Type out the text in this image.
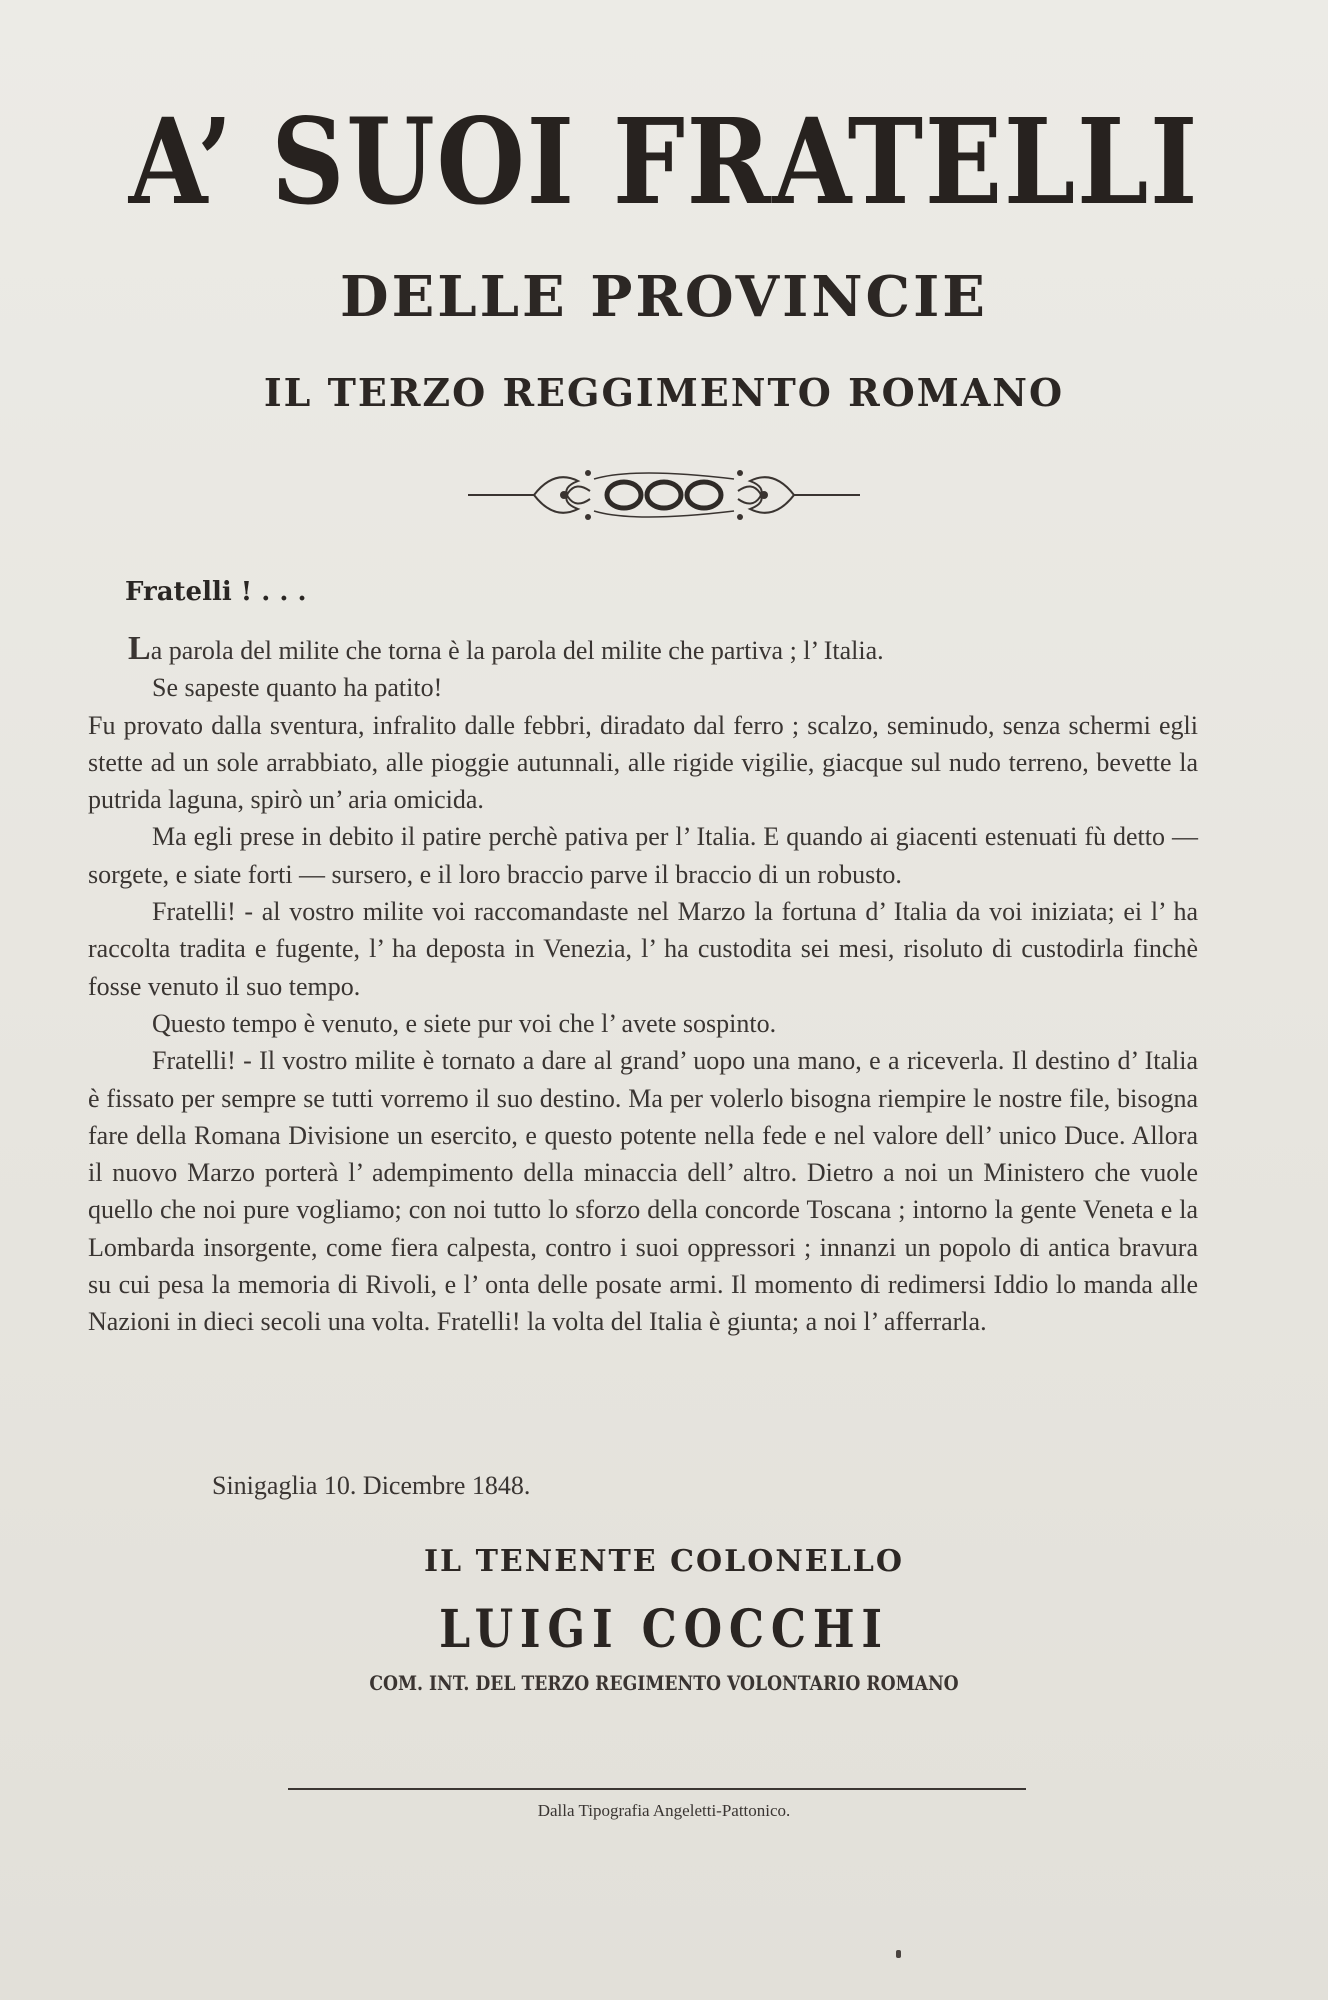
A’ SUOI FRATELLI
DELLE PROVINCIE
IL TERZO REGGIMENTO ROMANO
Fratelli ! . . .

La parola del milite che torna è la parola del milite che partiva ; l’ Italia.

Se sapeste quanto ha patito!

Fu provato dalla sventura, infralito dalle febbri, diradato dal ferro ; scalzo, seminudo, senza schermi egli stette ad un sole arrabbiato, alle pioggie autunnali, alle rigide vigilie, giacque sul nudo terreno, bevette la putrida laguna, spirò un’ aria omicida.

Ma egli prese in debito il patire perchè pativa per l’ Italia. E quando ai giacenti estenuati fù detto — sorgete, e siate forti — sursero, e il loro braccio parve il braccio di un robusto.

Fratelli! - al vostro milite voi raccomandaste nel Marzo la fortuna d’ Italia da voi iniziata; ei l’ ha raccolta tradita e fugente, l’ ha deposta in Venezia, l’ ha custodita sei mesi, risoluto di custodirla finchè fosse venuto il suo tempo.

Questo tempo è venuto, e siete pur voi che l’ avete sospinto.

Fratelli! - Il vostro milite è tornato a dare al grand’ uopo una mano, e a riceverla. Il destino d’ Italia è fissato per sempre se tutti vorremo il suo destino. Ma per volerlo bisogna riempire le nostre file, bisogna fare della Romana Divisione un esercito, e questo potente nella fede e nel valore dell’ unico Duce. Allora il nuovo Marzo porterà l’ adempimento della minaccia dell’ altro. Dietro a noi un Ministero che vuole quello che noi pure vogliamo; con noi tutto lo sforzo della concorde Toscana ; intorno la gente Veneta e la Lombarda insorgente, come fiera calpesta, contro i suoi oppressori ; innanzi un popolo di antica bravura su cui pesa la memoria di Rivoli, e l’ onta delle posate armi. Il momento di redimersi Iddio lo manda alle Nazioni in dieci secoli una volta. Fratelli! la volta del Italia è giunta; a noi l’ afferrarla.

Sinigaglia 10. Dicembre 1848.
IL TENENTE COLONELLO
LUIGI COCCHI
COM. INT. DEL TERZO REGIMENTO VOLONTARIO ROMANO
Dalla Tipografia Angeletti-Pattonico.
